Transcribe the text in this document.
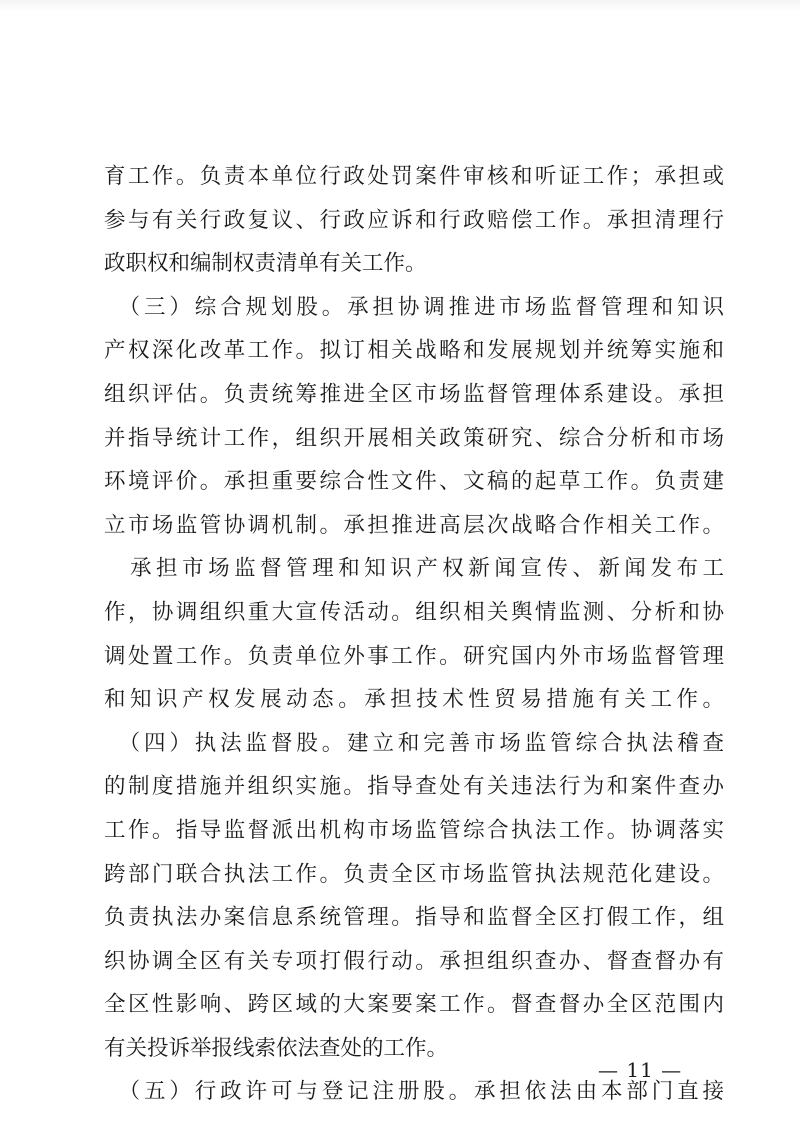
育工作。负责本单位行政处罚案件审核和听证工作；承担或
参与有关行政复议、行政应诉和行政赔偿工作。承担清理行
政职权和编制权责清单有关工作。
　（三）综合规划股。承担协调推进市场监督管理和知识
产权深化改革工作。拟订相关战略和发展规划并统筹实施和
组织评估。负责统筹推进全区市场监督管理体系建设。承担
并指导统计工作，组织开展相关政策研究、综合分析和市场
环境评价。承担重要综合性文件、文稿的起草工作。负责建
立市场监管协调机制。承担推进高层次战略合作相关工作。
　承担市场监督管理和知识产权新闻宣传、新闻发布工
作，协调组织重大宣传活动。组织相关舆情监测、分析和协
调处置工作。负责单位外事工作。研究国内外市场监督管理
和知识产权发展动态。承担技术性贸易措施有关工作。
　（四）执法监督股。建立和完善市场监管综合执法稽查
的制度措施并组织实施。指导查处有关违法行为和案件查办
工作。指导监督派出机构市场监管综合执法工作。协调落实
跨部门联合执法工作。负责全区市场监管执法规范化建设。
负责执法办案信息系统管理。指导和监督全区打假工作，组
织协调全区有关专项打假行动。承担组织查办、督查督办有
全区性影响、跨区域的大案要案工作。督查督办全区范围内
有关投诉举报线索依法查处的工作。
　（五）行政许可与登记注册股。承担依法由本部门直接
— 11 —
